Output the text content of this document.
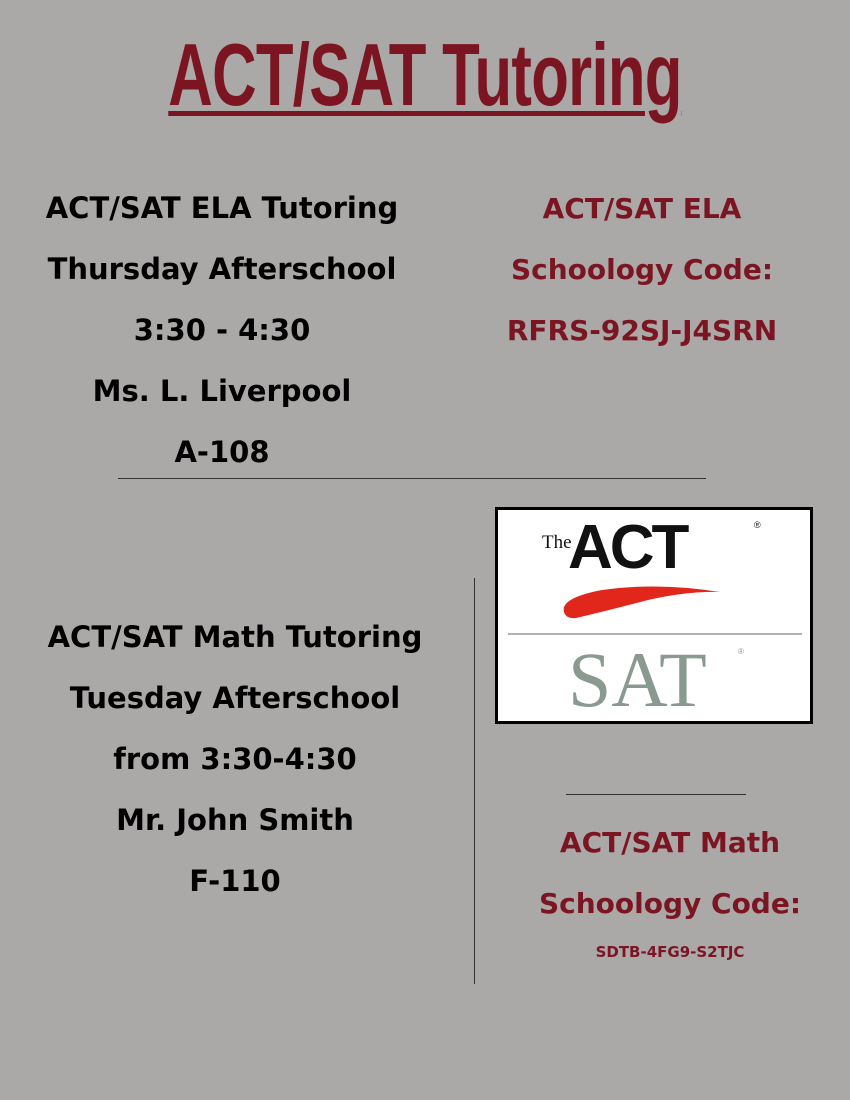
ACT/SAT Tutoring
ACT/SAT ELA Tutoring
Thursday Afterschool
3:30 - 4:30
Ms. L. Liverpool
A-108
ACT/SAT ELA
Schoology Code:
RFRS-92SJ-J4SRN
ACT/SAT Math Tutoring
Tuesday Afterschool
from 3:30-4:30
Mr. John Smith
F-110
The
ACT	®
SAT	®
ACT/SAT Math
Schoology Code:
SDTB-4FG9-S2TJC
